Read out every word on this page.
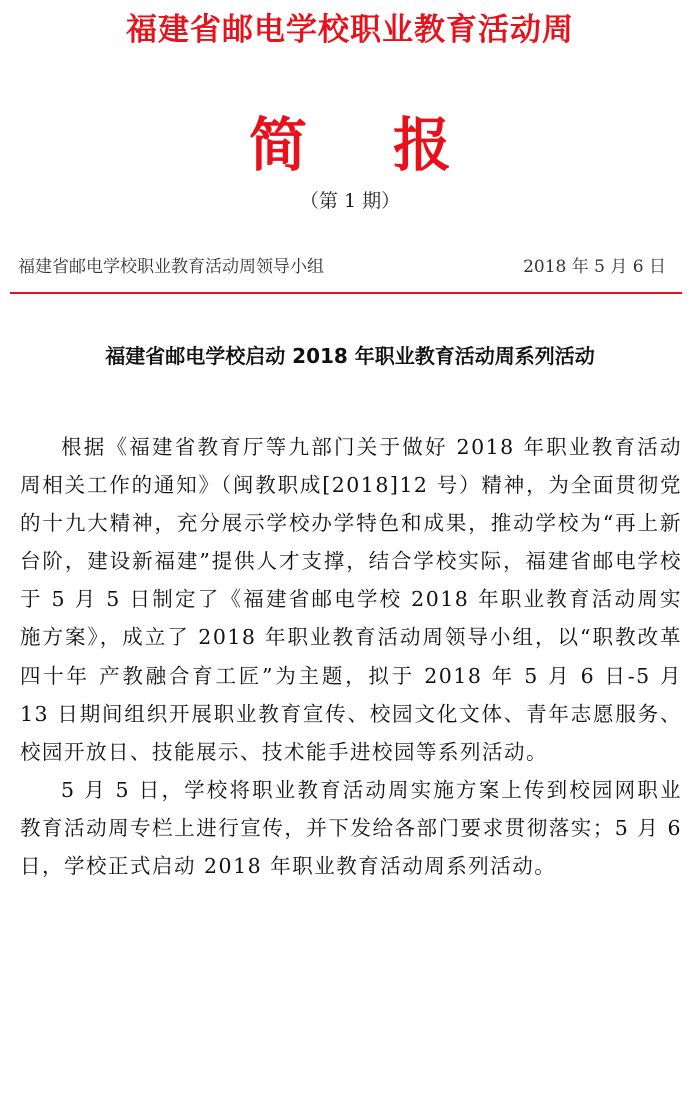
福建省邮电学校职业教育活动周
简报
（第 1 期）
福建省邮电学校职业教育活动周领导小组	2018 年 5 月 6 日
福建省邮电学校启动 2018 年职业教育活动周系列活动

根据《福建省教育厅等九部门关于做好 2018 年职业教育活动周相关工作的通知》（闽教职成[2018]12 号）精神，为全面贯彻党的十九大精神，充分展示学校办学特色和成果，推动学校为“再上新台阶，建设新福建”提供人才支撑，结合学校实际，福建省邮电学校于 5 月 5 日制定了《福建省邮电学校 2018 年职业教育活动周实施方案》，成立了 2018 年职业教育活动周领导小组，以“职教改革四十年 产教融合育工匠”为主题，拟于 2018 年 5 月 6 日-5 月 13 日期间组织开展职业教育宣传、校园文化文体、青年志愿服务、校园开放日、技能展示、技术能手进校园等系列活动。

5 月 5 日，学校将职业教育活动周实施方案上传到校园网职业教育活动周专栏上进行宣传，并下发给各部门要求贯彻落实；5 月 6 日，学校正式启动 2018 年职业教育活动周系列活动。
